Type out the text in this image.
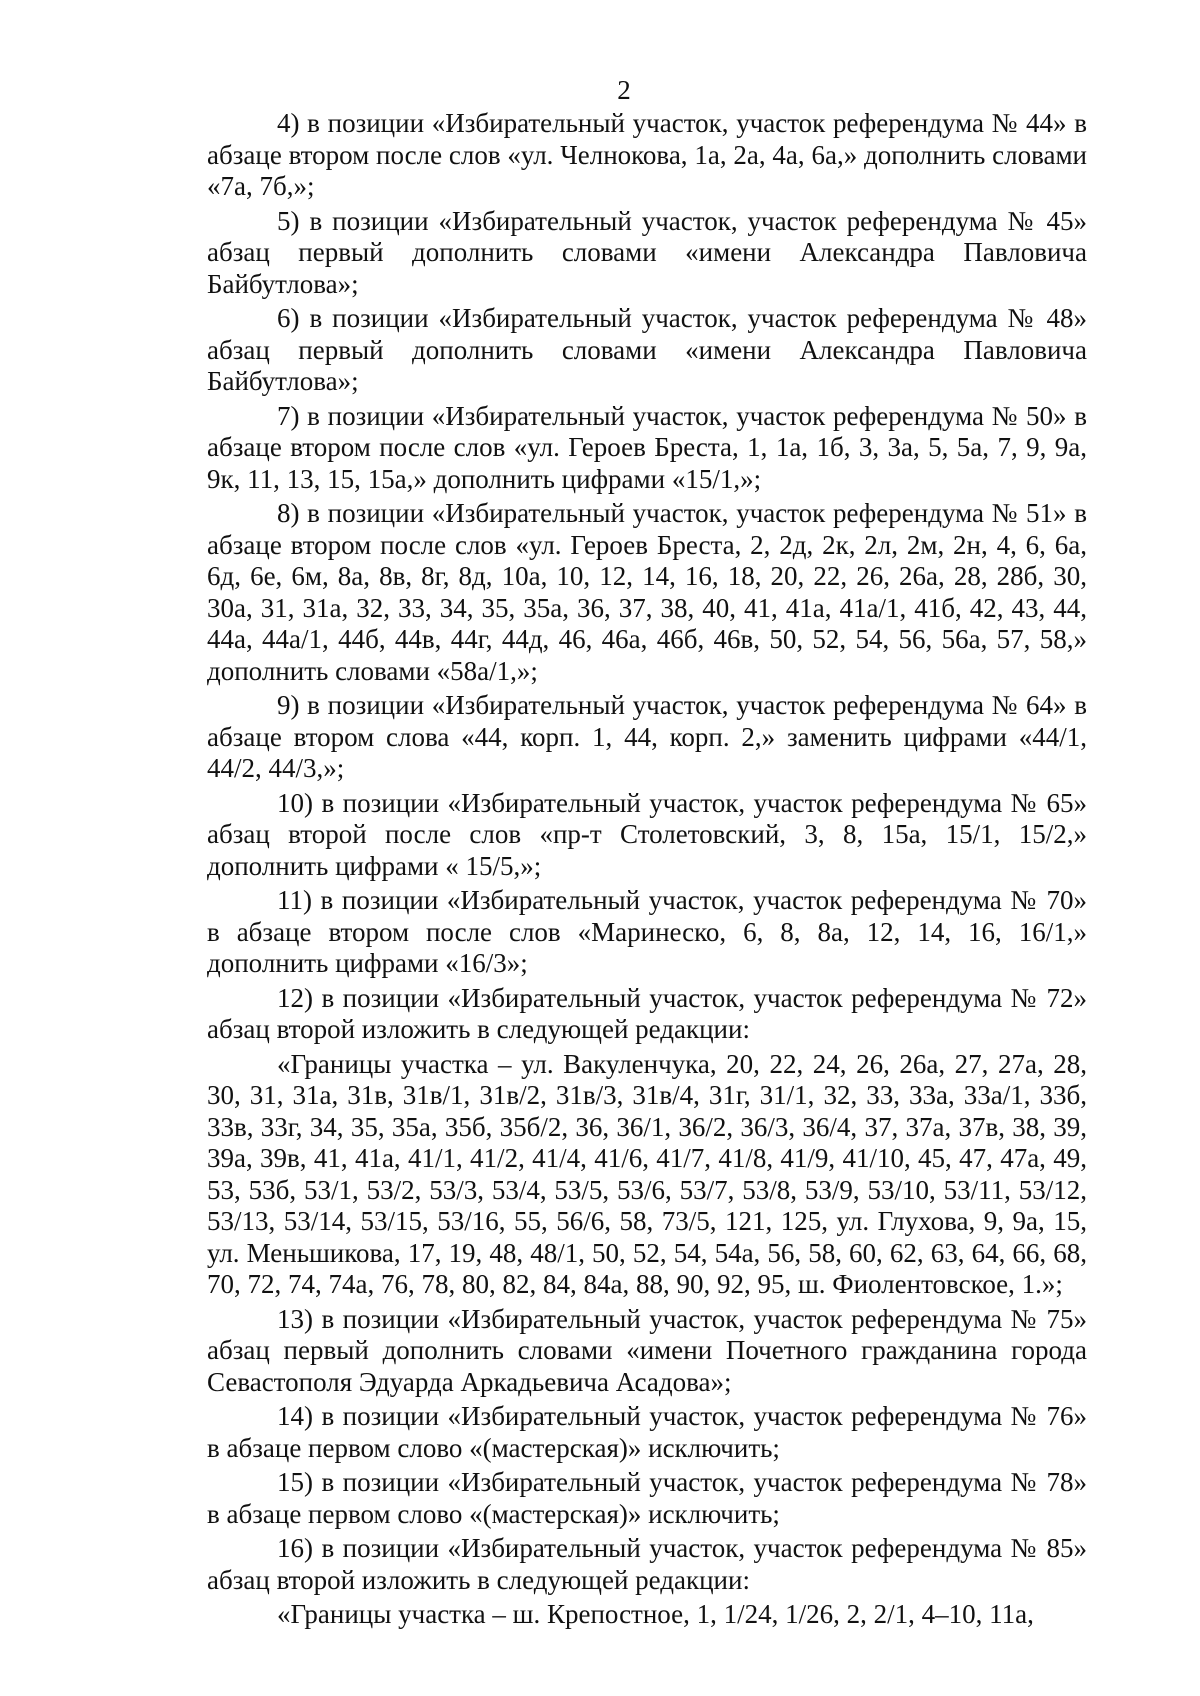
2

4) в позиции «Избирательный участок, участок референдума № 44» в абзаце втором после слов «ул. Челнокова, 1а, 2а, 4а, 6а,» дополнить словами «7а, 7б,»;

5) в позиции «Избирательный участок, участок референдума № 45» абзац первый дополнить словами «имени Александра Павловича Байбутлова»;

6) в позиции «Избирательный участок, участок референдума № 48» абзац первый дополнить словами «имени Александра Павловича Байбутлова»;

7) в позиции «Избирательный участок, участок референдума № 50» в абзаце втором после слов «ул. Героев Бреста, 1, 1а, 1б, 3, 3а, 5, 5а, 7, 9, 9а, 9к, 11, 13, 15, 15а,» дополнить цифрами «15/1,»;

8) в позиции «Избирательный участок, участок референдума № 51» в абзаце втором после слов «ул. Героев Бреста, 2, 2д, 2к, 2л, 2м, 2н, 4, 6, 6а, 6д, 6е, 6м, 8а, 8в, 8г, 8д, 10а, 10, 12, 14, 16, 18, 20, 22, 26, 26а, 28, 28б, 30, 30а, 31, 31а, 32, 33, 34, 35, 35а, 36, 37, 38, 40, 41, 41а, 41а/1, 41б, 42, 43, 44, 44а, 44а/1, 44б, 44в, 44г, 44д, 46, 46а, 46б, 46в, 50, 52, 54, 56, 56а, 57, 58,» дополнить словами «58а/1,»;

9) в позиции «Избирательный участок, участок референдума № 64» в абзаце втором слова «44, корп. 1, 44, корп. 2,» заменить цифрами «44/1, 44/2, 44/3,»;

10) в позиции «Избирательный участок, участок референдума № 65» абзац второй после слов «пр-т Столетовский, 3, 8, 15а, 15/1, 15/2,» дополнить цифрами « 15/5,»;

11) в позиции «Избирательный участок, участок референдума № 70» в абзаце втором после слов «Маринеско, 6, 8, 8а, 12, 14, 16, 16/1,» дополнить цифрами «16/3»;

12) в позиции «Избирательный участок, участок референдума № 72» абзац второй изложить в следующей редакции:

«Границы участка – ул. Вакуленчука, 20, 22, 24, 26, 26а, 27, 27а, 28, 30, 31, 31а, 31в, 31в/1, 31в/2, 31в/3, 31в/4, 31г, 31/1, 32, 33, 33а, 33а/1, 33б, 33в, 33г, 34, 35, 35а, 35б, 35б/2, 36, 36/1, 36/2, 36/3, 36/4, 37, 37а, 37в, 38, 39, 39а, 39в, 41, 41а, 41/1, 41/2, 41/4, 41/6, 41/7, 41/8, 41/9, 41/10, 45, 47, 47а, 49, 53, 53б, 53/1, 53/2, 53/3, 53/4, 53/5, 53/6, 53/7, 53/8, 53/9, 53/10, 53/11, 53/12, 53/13, 53/14, 53/15, 53/16, 55, 56/6, 58, 73/5, 121, 125, ул. Глухова, 9, 9а, 15, ул. Меньшикова, 17, 19, 48, 48/1, 50, 52, 54, 54а, 56, 58, 60, 62, 63, 64, 66, 68, 70, 72, 74, 74а, 76, 78, 80, 82, 84, 84а, 88, 90, 92, 95, ш. Фиолентовское, 1.»;

13) в позиции «Избирательный участок, участок референдума № 75» абзац первый дополнить словами «имени Почетного гражданина города Севастополя Эдуарда Аркадьевича Асадова»;

14) в позиции «Избирательный участок, участок референдума № 76» в абзаце первом слово «(мастерская)» исключить;

15) в позиции «Избирательный участок, участок референдума № 78» в абзаце первом слово «(мастерская)» исключить;

16) в позиции «Избирательный участок, участок референдума № 85» абзац второй изложить в следующей редакции:

«Границы участка – ш. Крепостное, 1, 1/24, 1/26, 2, 2/1, 4–10, 11а,
